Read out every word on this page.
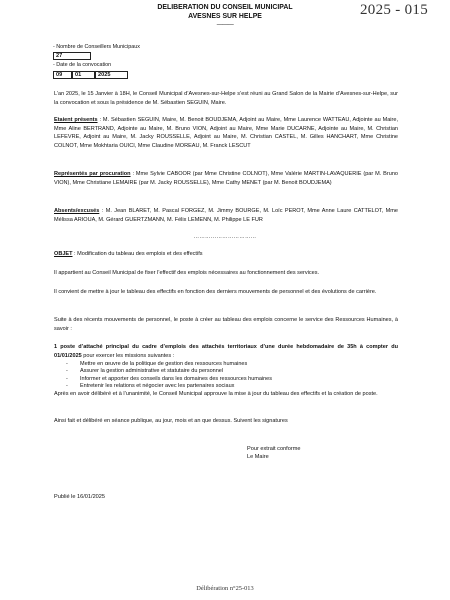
DELIBERATION DU CONSEIL MUNICIPAL
AVESNES SUR HELPE
———
2025 - 015
- Nombre de Conseillers Municipaux
27
- Date de la convocation
09	01	2025
L’an 2025, le 15 Janvier à 18H, le Conseil Municipal d’Avesnes-sur-Helpe s’est réuni au Grand Salon de la Mairie d’Avesnes-sur-Helpe, sur la convocation et sous la présidence de M. Sébastien SEGUIN, Maire.
Etaient présents : M. Sébastien SEGUIN, Maire, M. Benoit BOUDJEMA, Adjoint au Maire, Mme Laurence WATTEAU, Adjointe au Maire, Mme Aline BERTRAND, Adjointe au Maire, M. Bruno VION, Adjoint au Maire, Mme Marie DUCARNE, Adjointe au Maire, M. Christian LEFEVRE, Adjoint au Maire, M. Jacky ROUSSELLE, Adjoint au Maire, M. Christian CASTEL, M. Gilles HANCHART, Mme Christine COLNOT, Mme Mokhtaria OUICI, Mme Claudine MOREAU, M. Franck LESCUT
Représentés par procuration : Mme Sylvie CABOOR (par Mme Christine COLNOT), Mme Valérie MARTIN-LAVAQUERIE (par M. Bruno VION), Mme Christiane LEMAIRE (par M. Jacky ROUSSELLE), Mme Cathy MENET (par M. Benoit BOUDJEMA)
Absents/excusés : M. Jean BLARET, M. Pascal FORGEZ, M. Jimmy BOURGE, M. Loïc PEROT, Mme Anne Laure CATTELOT, Mme Mélissa ARIOUA, M. Gérard GUERTZMANN, M. Félix LEMENN, M. Philippe LE FUR
……………………………
OBJET : Modification du tableau des emplois et des effectifs
Il appartient au Conseil Municipal de fixer l’effectif des emplois nécessaires au fonctionnement des services.
Il convient de mettre à jour le tableau des effectifs en fonction des derniers mouvements de personnel et des évolutions de carrière.
Suite à des récents mouvements de personnel, le poste à créer au tableau des emplois concerne le service des Ressources Humaines, à savoir :
1 poste d’attaché principal du cadre d’emplois des attachés territoriaux d’une durée hebdomadaire de 35h à compter du 01/01/2025 pour exercer les missions suivantes :
- Mettre en œuvre de la politique de gestion des ressources humaines
- Assurer la gestion administrative et statutaire du personnel
- Informer et apporter des conseils dans les domaines des ressources humaines
- Entretenir les relations et négocier avec les partenaires sociaux
Après en avoir délibéré et à l’unanimité, le Conseil Municipal approuve la mise à jour du tableau des effectifs et la création de poste.
Ainsi fait et délibéré en séance publique, au jour, mois et an que dessus. Suivent les signatures
Pour extrait conforme
Le Maire
Publié le 16/01/2025
Délibération n°25-013
